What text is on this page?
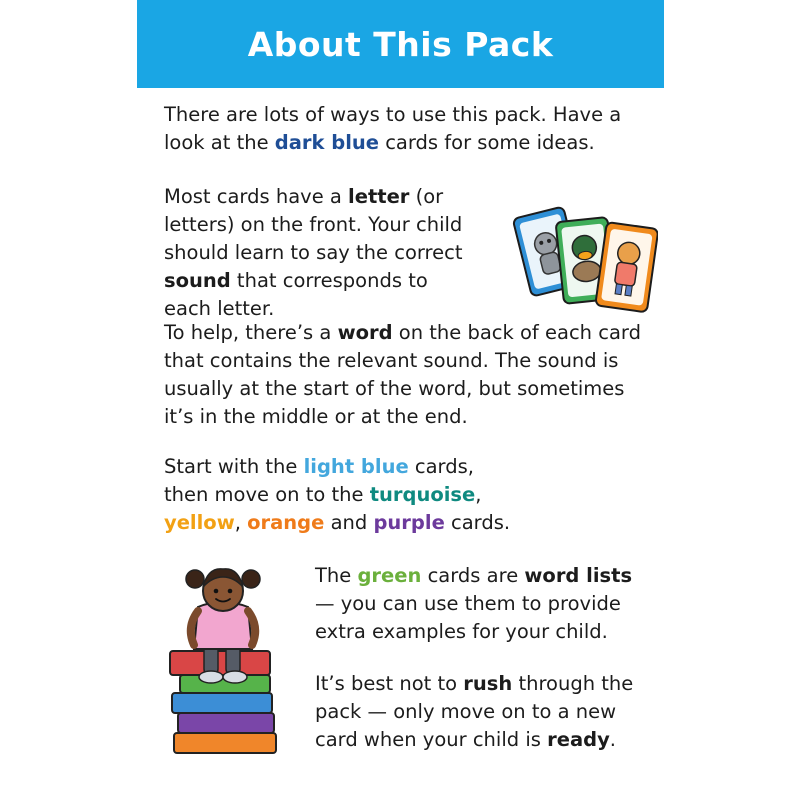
About This Pack

There are lots of ways to use this pack. Have a look at the dark blue cards for some ideas.

Most cards have a letter (or letters) on the front. Your child should learn to say the correct sound that corresponds to each letter.

To help, there’s a word on the back of each card that contains the relevant sound. The sound is usually at the start of the word, but sometimes it’s in the middle or at the end.

Start with the light blue cards, then move on to the turquoise, yellow, orange and purple cards.

The green cards are word lists — you can use them to provide extra examples for your child.

It’s best not to rush through the pack — only move on to a new card when your child is ready.
